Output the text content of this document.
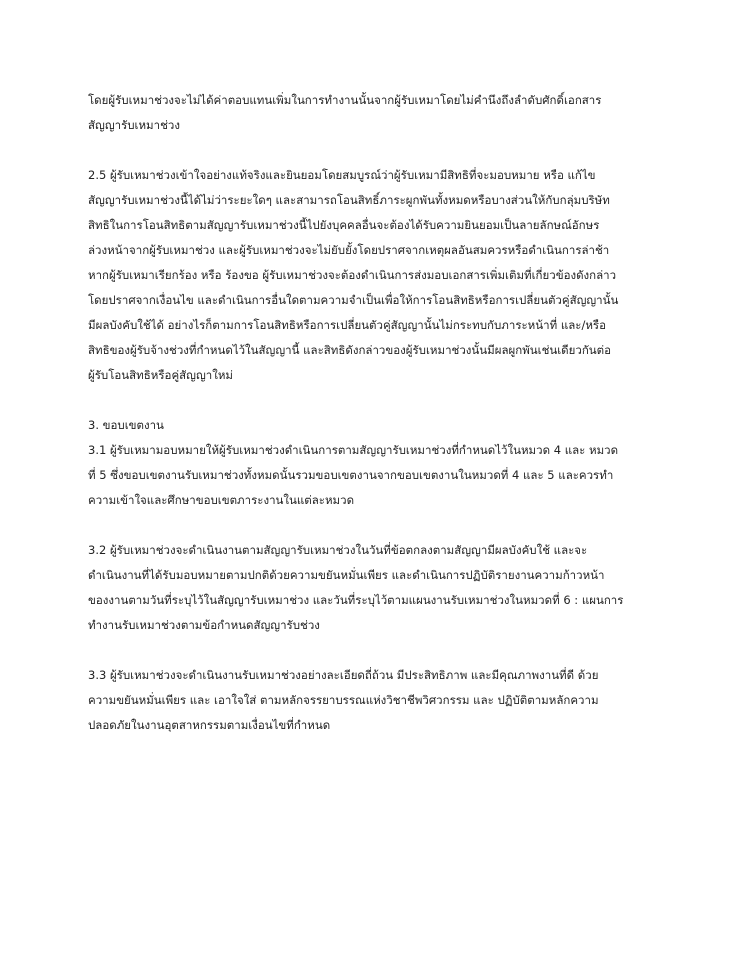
โดยผู้รับเหมาช่วงจะไม่ได้ค่าตอบแทนเพิ่มในการทำงานนั้นจากผู้รับเหมาโดยไม่คำนึงถึงลำดับศักดิ์เอกสาร
สัญญารับเหมาช่วง
2.5 ผู้รับเหมาช่วงเข้าใจอย่างแท้จริงและยินยอมโดยสมบูรณ์ว่าผู้รับเหมามีสิทธิที่จะมอบหมาย หรือ แก้ไข
สัญญารับเหมาช่วงนี้ได้ไม่ว่าระยะใดๆ และสามารถโอนสิทธิ์ภาระผูกพันทั้งหมดหรือบางส่วนให้กับกลุ่มบริษัท
สิทธิในการโอนสิทธิตามสัญญารับเหมาช่วงนี้ไปยังบุคคลอื่นจะต้องได้รับความยินยอมเป็นลายลักษณ์อักษร
ล่วงหน้าจากผู้รับเหมาช่วง และผู้รับเหมาช่วงจะไม่ยับยั้งโดยปราศจากเหตุผลอันสมควรหรือดำเนินการล่าช้า
หากผู้รับเหมาเรียกร้อง หรือ ร้องขอ ผู้รับเหมาช่วงจะต้องดำเนินการส่งมอบเอกสารเพิ่มเติมที่เกี่ยวข้องดังกล่าว
โดยปราศจากเงื่อนไข และดำเนินการอื่นใดตามความจำเป็นเพื่อให้การโอนสิทธิหรือการเปลี่ยนตัวคู่สัญญานั้น
มีผลบังคับใช้ได้ อย่างไรก็ตามการโอนสิทธิหรือการเปลี่ยนตัวคู่สัญญานั้นไม่กระทบกับภาระหน้าที่ และ/หรือ
สิทธิของผู้รับจ้างช่วงที่กำหนดไว้ในสัญญานี้ และสิทธิดังกล่าวของผู้รับเหมาช่วงนั้นมีผลผูกพันเช่นเดียวกันต่อ
ผู้รับโอนสิทธิหรือคู่สัญญาใหม่
3. ขอบเขตงาน
3.1 ผู้รับเหมามอบหมายให้ผู้รับเหมาช่วงดำเนินการตามสัญญารับเหมาช่วงที่กำหนดไว้ในหมวด 4 และ หมวด
ที่ 5 ซึ่งขอบเขตงานรับเหมาช่วงทั้งหมดนั้นรวมขอบเขตงานจากขอบเขตงานในหมวดที่ 4 และ 5 และควรทำ
ความเข้าใจและศึกษาขอบเขตภาระงานในแต่ละหมวด
3.2 ผู้รับเหมาช่วงจะดำเนินงานตามสัญญารับเหมาช่วงในวันที่ข้อตกลงตามสัญญามีผลบังคับใช้ และจะ
ดำเนินงานที่ได้รับมอบหมายตามปกติด้วยความขยันหมั่นเพียร และดำเนินการปฏิบัติรายงานความก้าวหน้า
ของงานตามวันที่ระบุไว้ในสัญญารับเหมาช่วง และวันที่ระบุไว้ตามแผนงานรับเหมาช่วงในหมวดที่ 6 : แผนการ
ทำงานรับเหมาช่วงตามข้อกำหนดสัญญารับช่วง
3.3 ผู้รับเหมาช่วงจะดำเนินงานรับเหมาช่วงอย่างละเอียดถี่ถ้วน มีประสิทธิภาพ และมีคุณภาพงานที่ดี ด้วย
ความขยันหมั่นเพียร และ เอาใจใส่ ตามหลักจรรยาบรรณแห่งวิชาชีพวิศวกรรม และ ปฏิบัติตามหลักความ
ปลอดภัยในงานอุตสาหกรรมตามเงื่อนไขที่กำหนด
